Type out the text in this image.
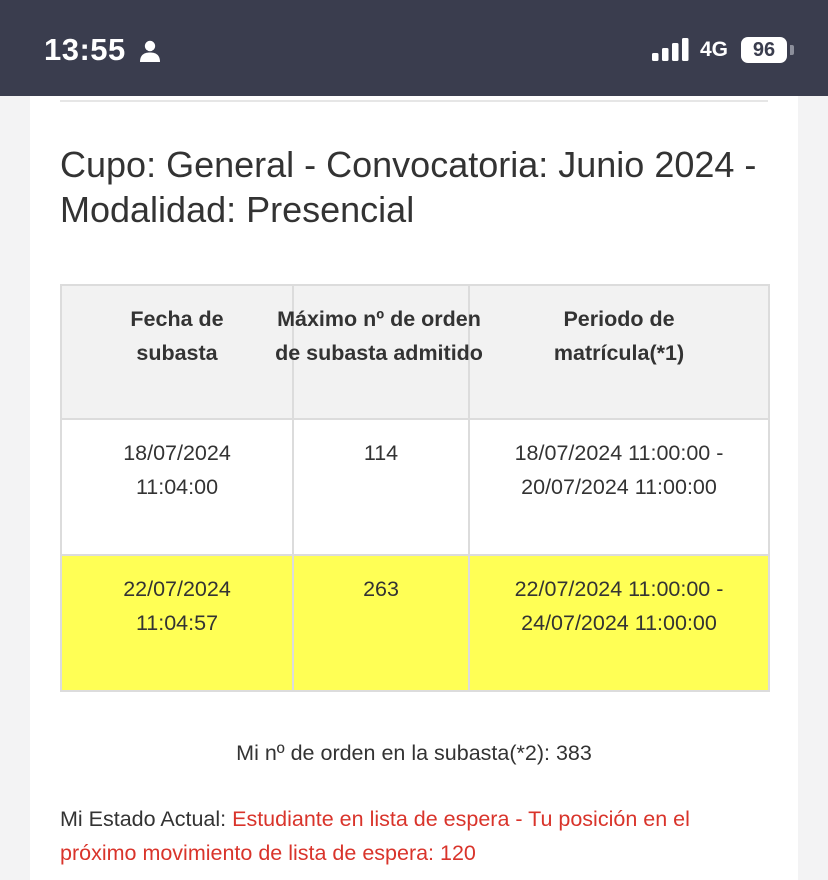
13:55	4G	96
Cupo: General - Convocatoria: Junio 2024 - Modalidad: Presencial
Fecha de subasta	Máximo nº de orden de subasta admitido	Periodo de matrícula(*1)

18/07/2024 11:04:00	114	18/07/2024 11:00:00 - 20/07/2024 11:00:00

22/07/2024 11:04:57	263	22/07/2024 11:00:00 - 24/07/2024 11:00:00
Mi nº de orden en la subasta(*2): 383
Mi Estado Actual: Estudiante en lista de espera - Tu posición en el próximo movimiento de lista de espera: 120
